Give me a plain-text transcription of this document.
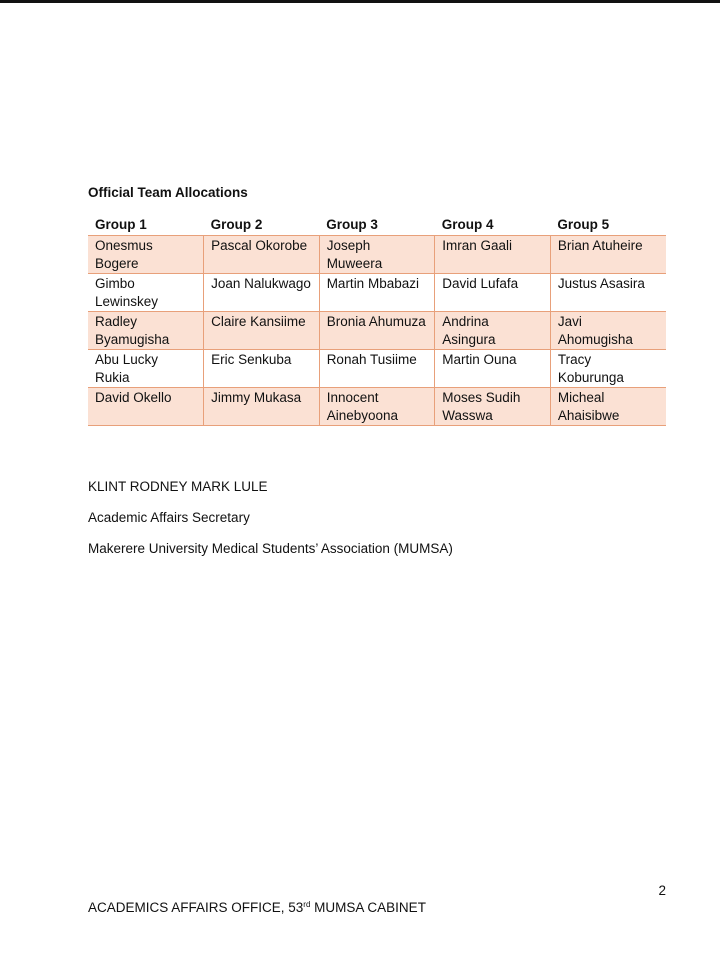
Official Team Allocations
Group 1	Group 2	Group 3	Group 4	Group 5
Onesmus Bogere	Pascal Okorobe	Joseph Muweera	Imran Gaali	Brian Atuheire
Gimbo Lewinskey	Joan Nalukwago	Martin Mbabazi	David Lufafa	Justus Asasira
Radley Byamugisha	Claire Kansiime	Bronia Ahumuza	Andrina Asingura	Javi Ahomugisha
Abu Lucky Rukia	Eric Senkuba	Ronah Tusiime	Martin Ouna	Tracy Koburunga
David Okello	Jimmy Mukasa	Innocent Ainebyoona	Moses Sudih Wasswa	Micheal Ahaisibwe
KLINT RODNEY MARK LULE
Academic Affairs Secretary
Makerere University Medical Students’ Association (MUMSA)
2
ACADEMICS AFFAIRS OFFICE, 53rd MUMSA CABINET
